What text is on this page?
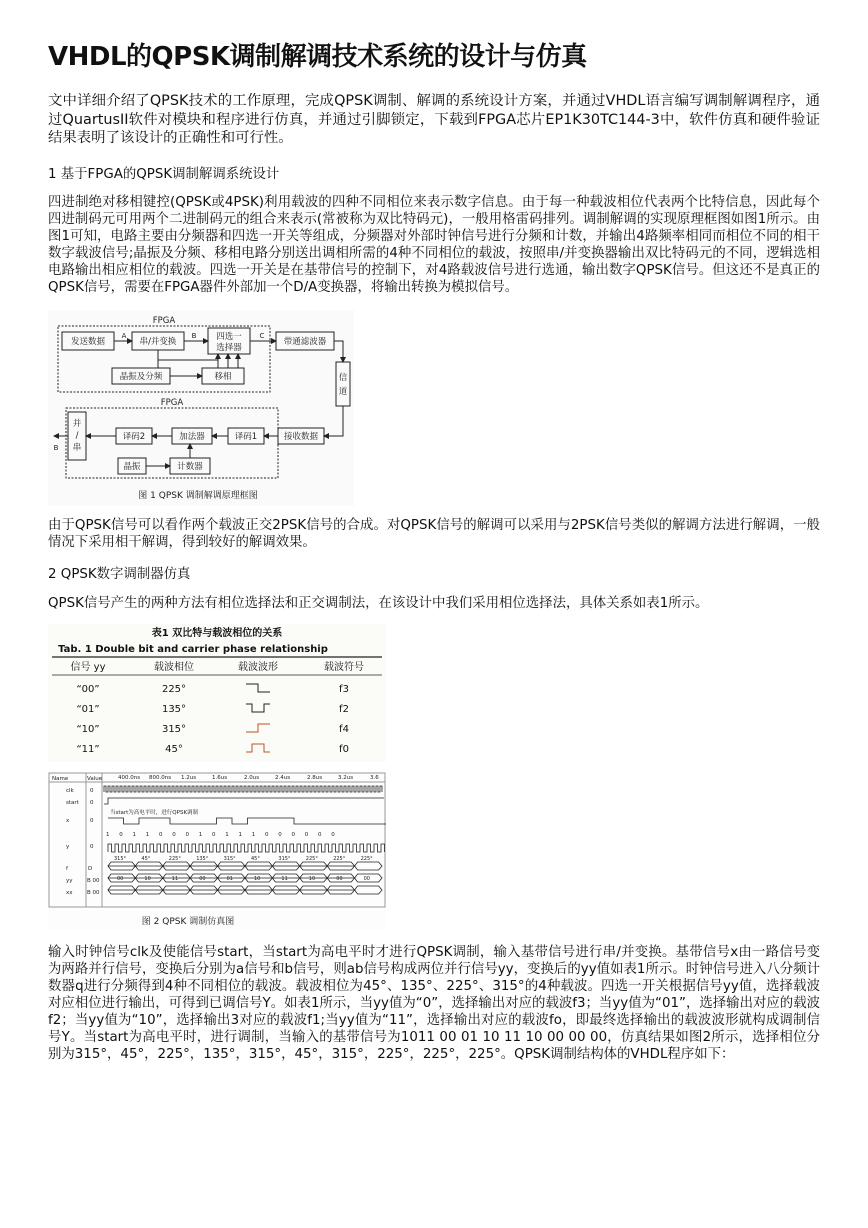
VHDL的QPSK调制解调技术系统的设计与仿真

文中详细介绍了QPSK技术的工作原理，完成QPSK调制、解调的系统设计方案，并通过VHDL语言编写调制解调程序，通过QuartusII软件对模块和程序进行仿真，并通过引脚锁定，下载到FPGA芯片EP1K30TC144-3中，软件仿真和硬件验证结果表明了该设计的正确性和可行性。

1 基于FPGA的QPSK调制解调系统设计

四进制绝对移相键控(QPSK或4PSK)利用载波的四种不同相位来表示数字信息。由于每一种载波相位代表两个比特信息，因此每个四进制码元可用两个二进制码元的组合来表示(常被称为双比特码元)，一般用格雷码排列。调制解调的实现原理框图如图1所示。由图1可知，电路主要由分频器和四选一开关等组成，分频器对外部时钟信号进行分频和计数，并输出4路频率相同而相位不同的相干数字载波信号;晶振及分频、移相电路分别送出调相所需的4种不同相位的载波，按照串/并变换器输出双比特码元的不同，逻辑选相电路输出相应相位的载波。四选一开关是在基带信号的控制下，对4路载波信号进行选通，输出数字QPSK信号。但这还不是真正的QPSK信号，需要在FPGA器件外部加一个D/A变换器，将输出转换为模拟信号。

FPGA
FPGA
发送数据	串/并变换	四选一
选择器
带通滤波器
晶振及分频	移相	信
道
接收数据
译码1
加法器
译码2
并
/
串
晶振	计数器
A	B	C
B
图 1 QPSK 调制解调原理框图

由于QPSK信号可以看作两个载波正交2PSK信号的合成。对QPSK信号的解调可以采用与2PSK信号类似的解调方法进行解调，一般情况下采用相干解调，得到较好的解调效果。

2 QPSK数字调制器仿真

QPSK信号产生的两种方法有相位选择法和正交调制法，在该设计中我们采用相位选择法，具体关系如表1所示。

表1 双比特与载波相位的关系
Tab. 1 Double bit and carrier phase relationship
信号 yy	载波相位	载波波形	载波符号
“00”	225°	f3
“01”	135°	f2
“10”	315°	f4
“11”	45°	f0
Name	Value	400.0ns 800.0ns 1.2us	1.6us	2.0us	2.4us	2.8us	3.2us	3.6
clk	0
start 0
x	0
y	0
f	D
yy	B 00
xx	B 00
当start为高电平时，进行QPSK调制
1 0 1 1 0 0 0 1 0 1 1 1 0 0 0 0 0 0
315°	45°	225°	135°	315°	45°	315°	225°	225°	225°
00	10	11	00	01	10	11	10	00	00
图 2 QPSK 调制仿真图

输入时钟信号clk及使能信号start，当start为高电平时才进行QPSK调制，输入基带信号进行串/并变换。基带信号x由一路信号变为两路并行信号，变换后分别为a信号和b信号，则ab信号构成两位并行信号yy，变换后的yy值如表1所示。时钟信号进入八分频计数器q进行分频得到4种不同相位的载波。载波相位为45°、135°、225°、315°的4种载波。四选一开关根据信号yy值，选择载波对应相位进行输出，可得到已调信号Y。如表1所示，当yy值为“0”，选择输出对应的载波f3；当yy值为“01”，选择输出对应的载波f2；当yy值为“10”，选择输出3对应的载波f1;当yy值为“11”，选择输出对应的载波fo，即最终选择输出的载波波形就构成调制信号Y。当start为高电平时，进行调制，当输入的基带信号为1011 00 01 10 11 10 00 00 00，仿真结果如图2所示，选择相位分别为315°，45°，225°，135°，315°，45°，315°，225°，225°，225°。QPSK调制结构体的VHDL程序如下：
